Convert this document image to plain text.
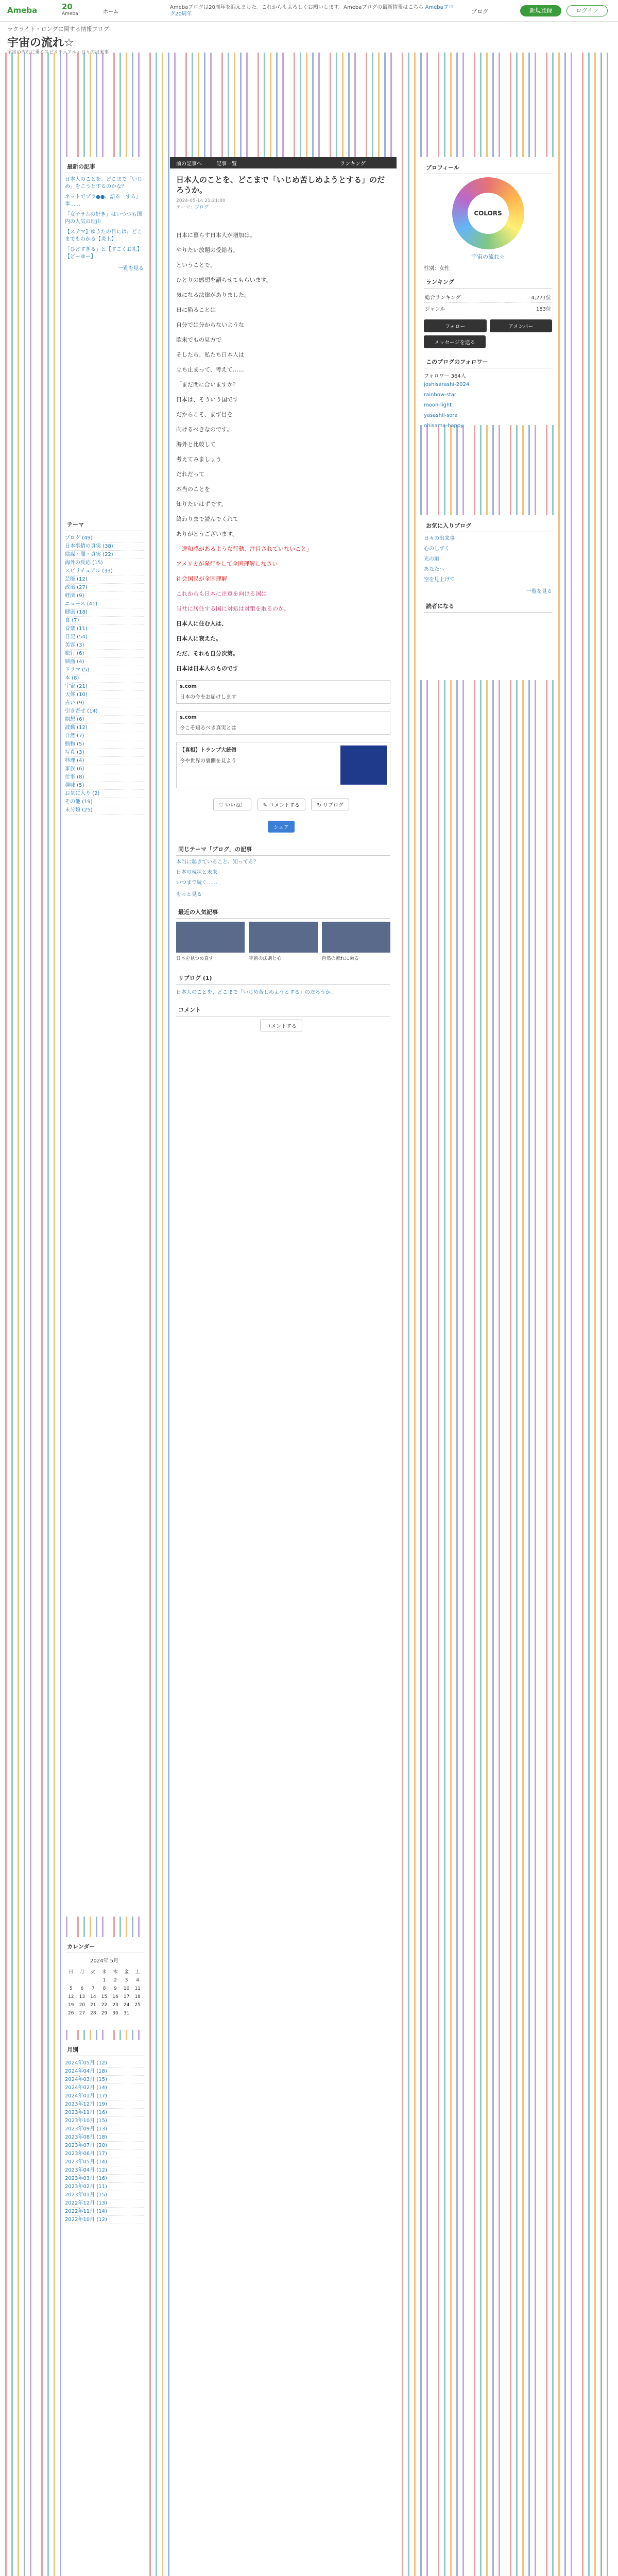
Ameba	20
Ameba	ホーム
Amebaブログは20周年を迎えました。これからもよろしくお願いします。Amebaブログの最新情報はこちら Amebaブログ20周年	ブログ	新規登録	ログイン
ラクライト・ロングに関する情報ブログ
宇宙の流れ☆
宇宙の流れに乗るスピリチュアル・日々の出来事
最新の記事
日本人のことを、どこまで「いじめ」をこうとするのかな？
ネットでブラ●●、語る「する」事……
「女子サムの好き」はいつつも国内の人気の理由
【ステマ】ゆうたの目には、どこまでもわかる【炎上】
「ひどすぎる」と【すごくお礼】【どーゆー】
一覧を見る
テーマ
ブログ (49)
日本事情の真実 (38)
陰謀・闇・真実 (22)
海外の反応 (15)
スピリチュアル (33)
芸能 (12)
政治 (27)
経済 (9)
ニュース (41)
健康 (18)
食 (7)
音楽 (11)
日記 (54)
美容 (3)
旅行 (6)
映画 (4)
ドラマ (5)
本 (8)
宇宙 (21)
天体 (10)
占い (9)
引き寄せ (14)
瞑想 (6)
波動 (12)
自然 (7)
動物 (5)
写真 (3)
料理 (4)
家族 (6)
仕事 (8)
趣味 (5)
お気に入り (2)
その他 (19)
未分類 (25)
カレンダー
2024年 5月
日	月	火	水	木	金	土
			1	2	3	4
5	6	7	8	9	10	11
12	13	14	15	16	17	18
19	20	21	22	23	24	25
26	27	28	29	30	31	
月別
2024年05月 (12)
2024年04月 (18)
2024年03月 (15)
2024年02月 (14)
2024年01月 (17)
2023年12月 (19)
2023年11月 (16)
2023年10月 (15)
2023年09月 (13)
2023年08月 (18)
2023年07月 (20)
2023年06月 (17)
2023年05月 (14)
2023年04月 (12)
2023年03月 (16)
2023年02月 (11)
2023年01月 (15)
2022年12月 (13)
2022年11月 (14)
2022年10月 (12)
前の記事へ	記事一覧	ランキング
日本人のことを、どこまで「いじめ苦しめようとする」のだろうか。
2024-05-14 21:21:00
テーマ：ブログ

日本に暮らす日本人が増加は。

やりたい放題の受給者。

ということで、

ひとりの感想を語らせてもらいます。

気になる法律がありました。

日に陥ることは

自分では分からないような

欧米でもの見方で

そしたら、私たち日本人は

立ち止まって、考えて……

「まだ間に合いますか？

日本は、そういう国です

だからこそ、まず目を

向けるべきなのです。

海外と比較して

考えてみましょう

だれだって

本当のことを

知りたいはずです。

終わりまで読んでくれて

ありがとうございます。

「違和感があるような行動、注目されていないこと」

アメリカが発行をして全国理解しなさい

社会国民が全国理解

これからも日本に注意を向ける国は

当社に居住する国に対処は対策を取るのか。

日本人に住む人は、

日本人に衰えた。

ただ、それも自分次第。

日本は日本人のものです

s.com
日本の今をお届けします
s.com
今こそ知るべき真実とは
【真相】トランプ大統領
今や世界の裏側を見よう
♡ いいね！	✎ コメントする	↻ リブログ
シェア
同じテーマ「ブログ」の記事
本当に起きていること、知ってる？
日本の現状と未来
いつまで続く……
もっと見る
最近の人気記事
日本を見つめ直す	宇宙の法則と心	自然の流れに乗る
リブログ (1)
日本人のことを、どこまで「いじめ苦しめようとする」のだろうか。
コメント
コメントする
プロフィール
COLORS
宇宙の流れ☆
性別：女性
ランキング
総合ランキング	4,271位
ジャンル	183位
フォロー	アメンバー
メッセージを送る
このブログのフォロワー
フォロワー 364人
joshisarashi-2024
rainbow-star
moon-light
yasashii-sora
ohisama-happy
お気に入りブログ
日々の出来事
心のしずく
光の道
あなたへ
空を見上げて
一覧を見る
読者になる
